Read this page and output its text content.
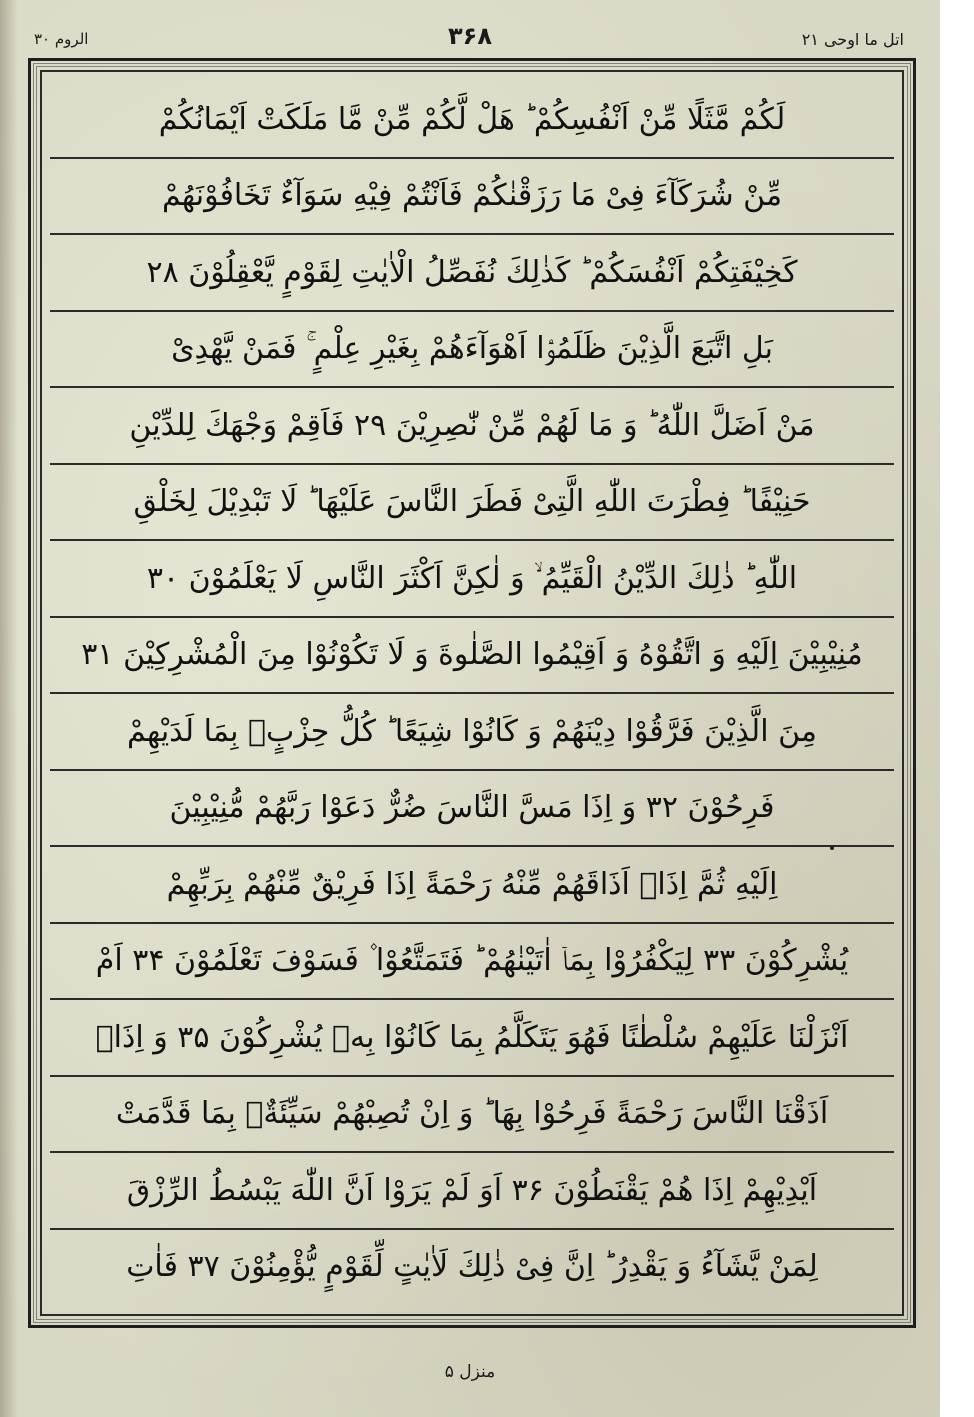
اتل ما اوحی ۲۱
۳۶۸
الروم ۳۰
لَكُمْ مَّثَلًا مِّنْ اَنْفُسِكُمْ ؕ هَلْ لَّكُمْ مِّنْ مَّا مَلَكَتْ اَيْمَانُكُمْ
مِّنْ شُرَكَآءَ فِیْ مَا رَزَقْنٰكُمْ فَاَنْتُمْ فِیْهِ سَوَآءٌ تَخَافُوْنَهُمْ
كَخِیْفَتِكُمْ اَنْفُسَكُمْ ؕ كَذٰلِكَ نُفَصِّلُ الْاٰیٰتِ لِقَوْمٍ یَّعْقِلُوْنَ ۲۸
بَلِ اتَّبَعَ الَّذِیْنَ ظَلَمُوْۤا اَهْوَآءَهُمْ بِغَیْرِ عِلْمٍ ۚ فَمَنْ یَّهْدِیْ
مَنْ اَضَلَّ اللّٰهُ ؕ وَ مَا لَهُمْ مِّنْ نّٰصِرِیْنَ ۲۹ فَاَقِمْ وَجْهَكَ لِلدِّیْنِ
حَنِیْفًا ؕ فِطْرَتَ اللّٰهِ الَّتِیْ فَطَرَ النَّاسَ عَلَیْهَا ؕ لَا تَبْدِیْلَ لِخَلْقِ
اللّٰهِ ؕ ذٰلِكَ الدِّیْنُ الْقَیِّمُ ۙ وَ لٰكِنَّ اَكْثَرَ النَّاسِ لَا یَعْلَمُوْنَ ۳۰
مُنِیْبِیْنَ اِلَیْهِ وَ اتَّقُوْهُ وَ اَقِیْمُوا الصَّلٰوةَ وَ لَا تَكُوْنُوْا مِنَ الْمُشْرِكِیْنَ ۳۱
مِنَ الَّذِیْنَ فَرَّقُوْا دِیْنَهُمْ وَ كَانُوْا شِیَعًا ؕ كُلُّ حِزْبٍۭ بِمَا لَدَیْهِمْ
فَرِحُوْنَ ۳۲ وَ اِذَا مَسَّ النَّاسَ ضُرٌّ دَعَوْا رَبَّهُمْ مُّنِیْبِیْنَ
اِلَیْهِ ثُمَّ اِذَاۤ اَذَاقَهُمْ مِّنْهُ رَحْمَةً اِذَا فَرِیْقٌ مِّنْهُمْ بِرَبِّهِمْ
یُشْرِكُوْنَ ۳۳ لِیَكْفُرُوْا بِمَاۤ اٰتَیْنٰهُمْ ؕ فَتَمَتَّعُوْا ۫ فَسَوْفَ تَعْلَمُوْنَ ۳۴ اَمْ
اَنْزَلْنَا عَلَیْهِمْ سُلْطٰنًا فَهُوَ یَتَكَلَّمُ بِمَا كَانُوْا بِهٖ یُشْرِكُوْنَ ۳۵ وَ اِذَاۤ
اَذَقْنَا النَّاسَ رَحْمَةً فَرِحُوْا بِهَا ؕ وَ اِنْ تُصِبْهُمْ سَیِّئَةٌۢ بِمَا قَدَّمَتْ
اَیْدِیْهِمْ اِذَا هُمْ یَقْنَطُوْنَ ۳۶ اَوَ لَمْ یَرَوْا اَنَّ اللّٰهَ یَبْسُطُ الرِّزْقَ
لِمَنْ یَّشَآءُ وَ یَقْدِرُ ؕ اِنَّ فِیْ ذٰلِكَ لَاٰیٰتٍ لِّقَوْمٍ یُّؤْمِنُوْنَ ۳۷ فَاٰتِ
منزل ۵
